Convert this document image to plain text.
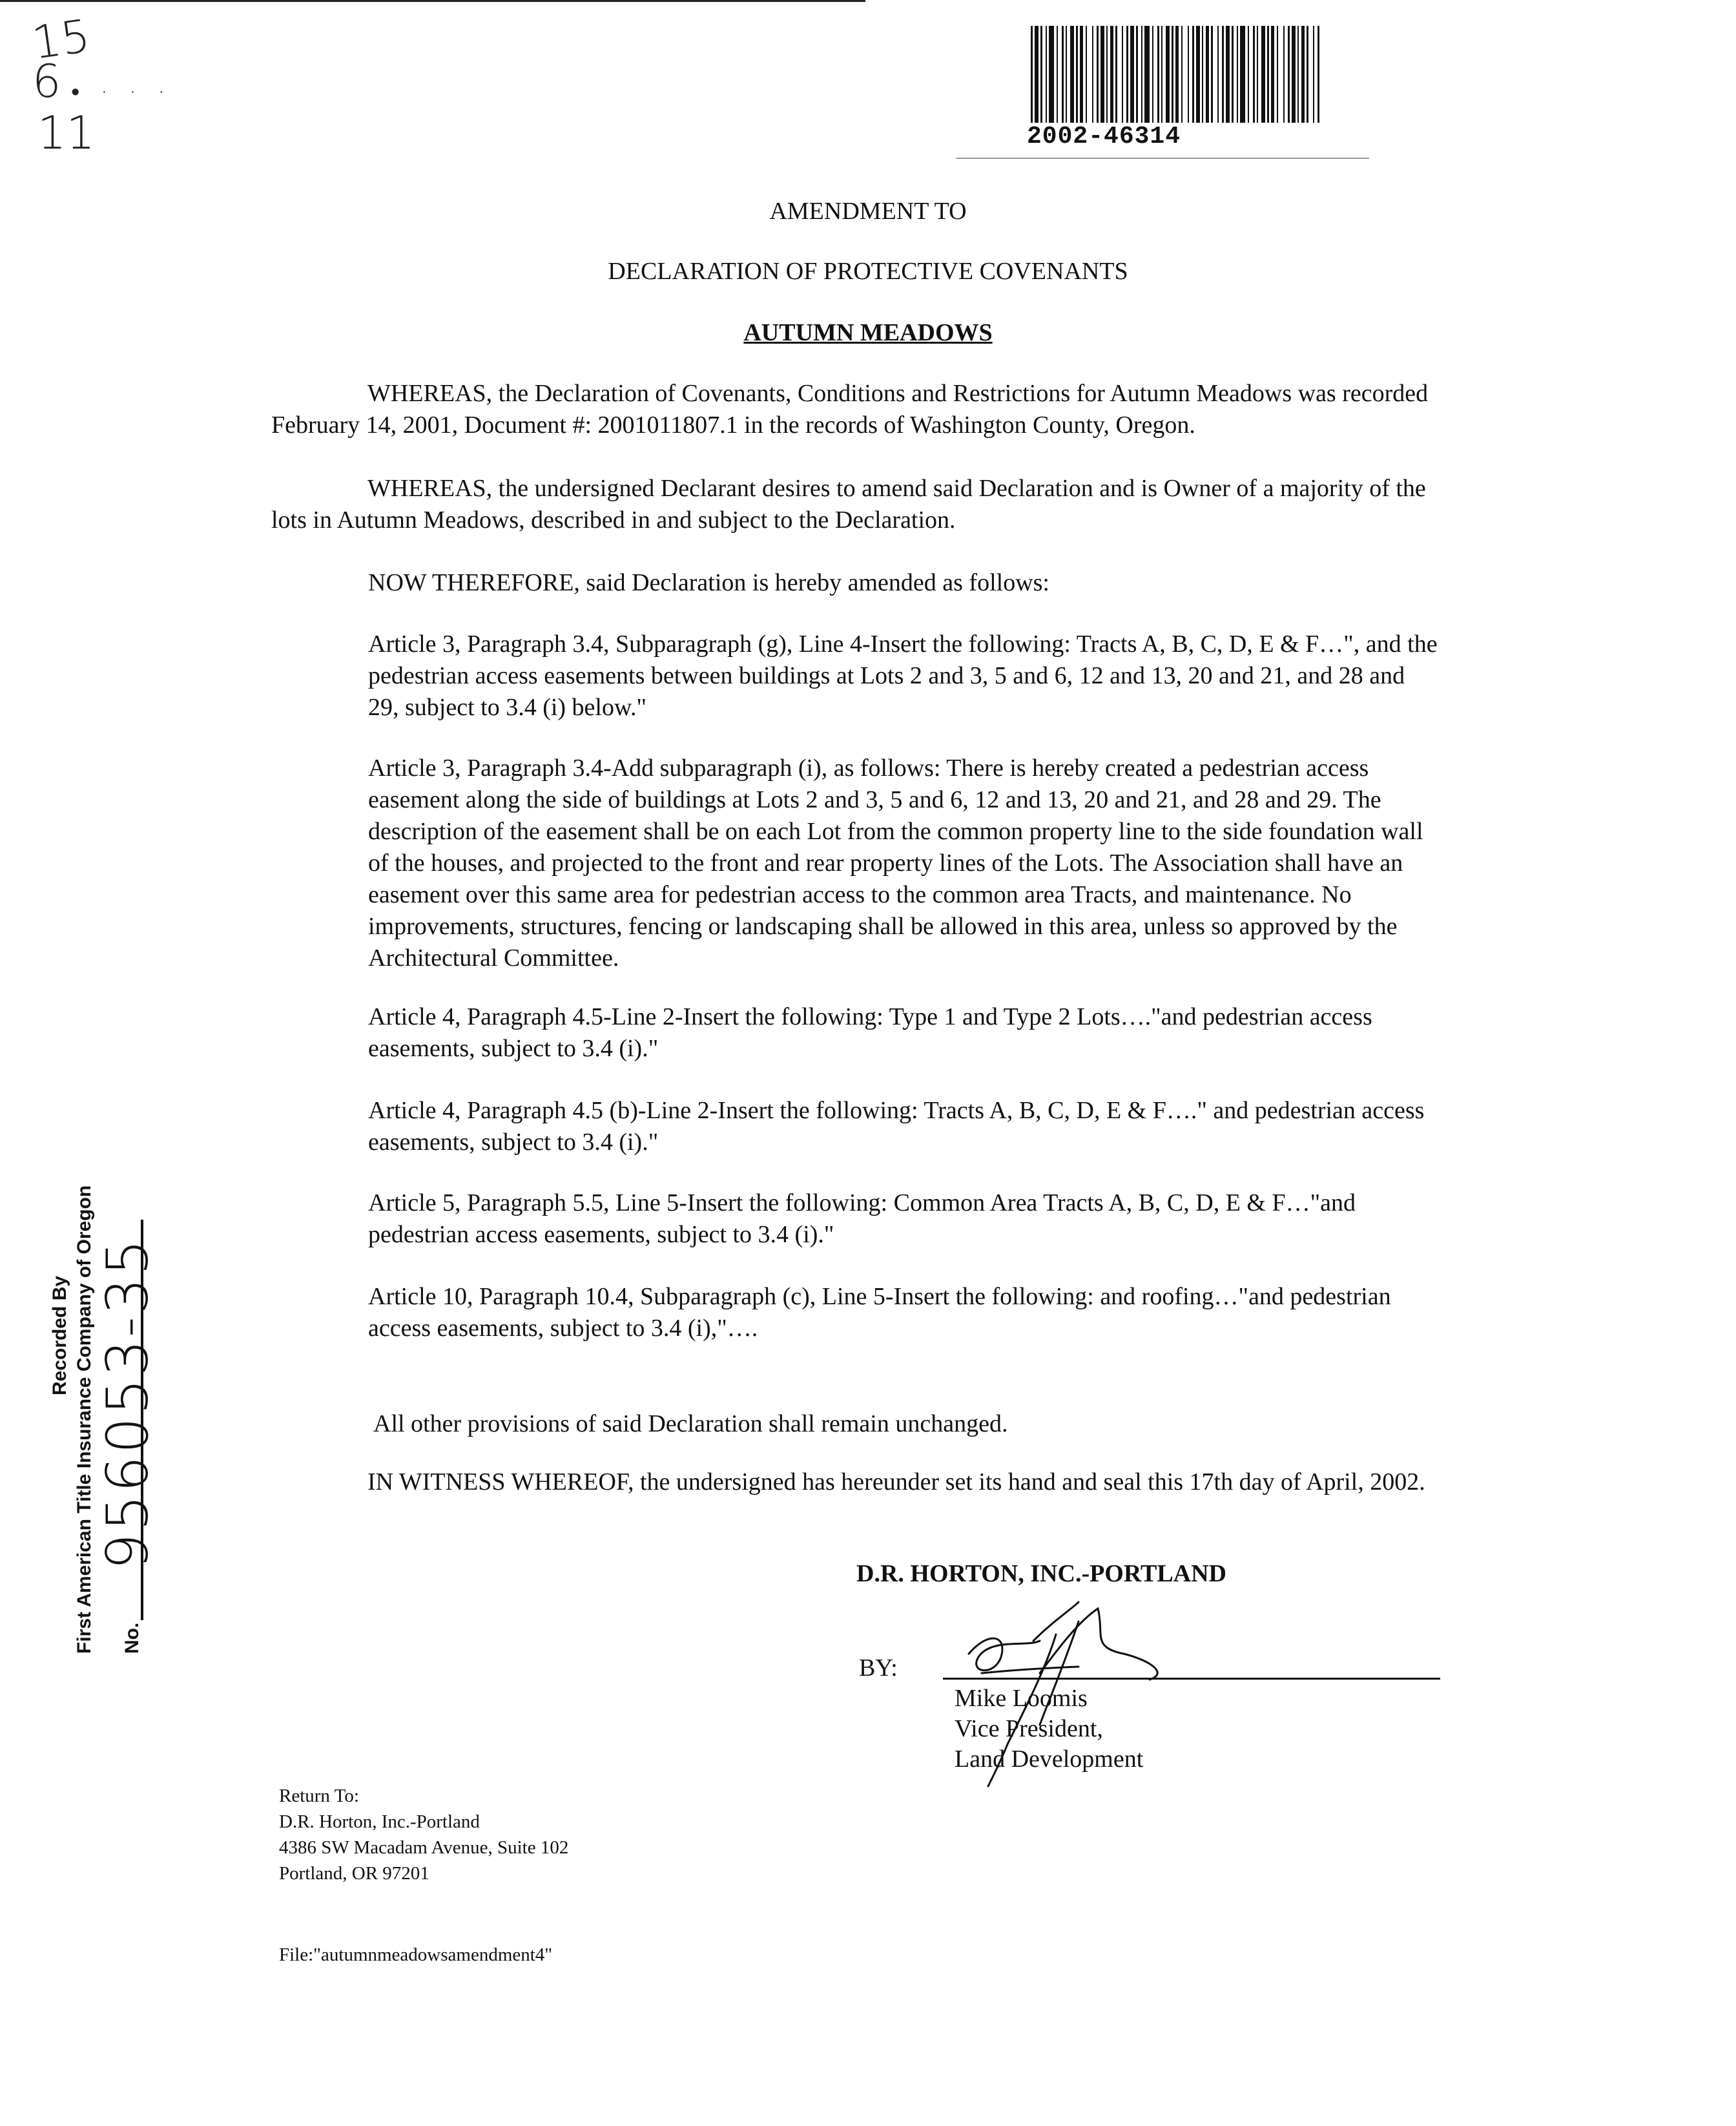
15
6 • · · ·
11	2002-46314
AMENDMENT TO
DECLARATION OF PROTECTIVE COVENANTS
AUTUMN MEADOWS
WHEREAS, the Declaration of Covenants, Conditions and Restrictions for Autumn Meadows was recorded February 14, 2001, Document #: 2001011807.1 in the records of Washington County, Oregon.
WHEREAS, the undersigned Declarant desires to amend said Declaration and is Owner of a majority of the lots in Autumn Meadows, described in and subject to the Declaration.
NOW THEREFORE, said Declaration is hereby amended as follows:
Article 3, Paragraph 3.4, Subparagraph (g), Line 4-Insert the following: Tracts A, B, C, D, E & F…", and the pedestrian access easements between buildings at Lots 2 and 3, 5 and 6, 12 and 13, 20 and 21, and 28 and 29, subject to 3.4 (i) below."
Article 3, Paragraph 3.4-Add subparagraph (i), as follows: There is hereby created a pedestrian access easement along the side of buildings at Lots 2 and 3, 5 and 6, 12 and 13, 20 and 21, and 28 and 29. The description of the easement shall be on each Lot from the common property line to the side foundation wall of the houses, and projected to the front and rear property lines of the Lots. The Association shall have an easement over this same area for pedestrian access to the common area Tracts, and maintenance. No improvements, structures, fencing or landscaping shall be allowed in this area, unless so approved by the Architectural Committee.
Article 4, Paragraph 4.5-Line 2-Insert the following: Type 1 and Type 2 Lots…."and pedestrian access easements, subject to 3.4 (i)."
Article 4, Paragraph 4.5 (b)-Line 2-Insert the following: Tracts A, B, C, D, E & F…." and pedestrian access easements, subject to 3.4 (i)."
Article 5, Paragraph 5.5, Line 5-Insert the following: Common Area Tracts A, B, C, D, E & F…"and pedestrian access easements, subject to 3.4 (i)."
Article 10, Paragraph 10.4, Subparagraph (c), Line 5-Insert the following: and roofing…"and pedestrian access easements, subject to 3.4 (i),"….
All other provisions of said Declaration shall remain unchanged.
IN WITNESS WHEREOF, the undersigned has hereunder set its hand and seal this 17th day of April, 2002.
D.R. HORTON, INC.-PORTLAND
BY:
Mike Loomis
Vice President,
Land Development
Return To:
D.R. Horton, Inc.-Portland
4386 SW Macadam Avenue, Suite 102
Portland, OR 97201
File:"autumnmeadowsamendment4"
Recorded By First American Title Insurance Company of Oregon No.
956053-35
